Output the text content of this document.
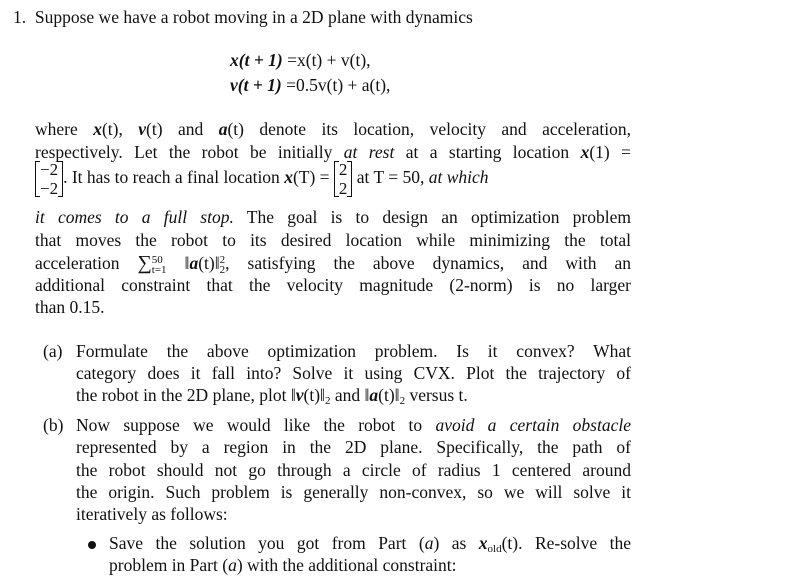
1. Suppose we have a robot moving in a 2D plane with dynamics
x(t + 1) =x(t) + v(t),
v(t + 1) =0.5v(t) + a(t),
where x(t), v(t) and a(t) denote its location, velocity and acceleration,
respectively. Let the robot be initially at rest at a starting location x(1) =
−2
−2. It has to reach a final location x(T) = 2
2 at T = 50, at which
it comes to a full stop. The goal is to design an optimization problem
that moves the robot to its desired location while minimizing the total
acceleration ∑50
t=1 ‖a(t)‖2
2, satisfying the above dynamics, and with an
additional constraint that the velocity magnitude (2-norm) is no larger
than 0.15.
(a) Formulate the above optimization problem. Is it convex? What
category does it fall into? Solve it using CVX. Plot the trajectory of
the robot in the 2D plane, plot $‖v(t)‖_2$ and $‖a(t)‖_2$ versus t.
(b) Now suppose we would like the robot to avoid a certain obstacle
represented by a region in the 2D plane. Specifically, the path of
the robot should not go through a circle of radius 1 centered around
the origin. Such problem is generally non-convex, so we will solve it
iteratively as follows:
Save the solution you got from Part (a) as $x_{old}(t)$. Re-solve the
problem in Part (a) with the additional constraint:
